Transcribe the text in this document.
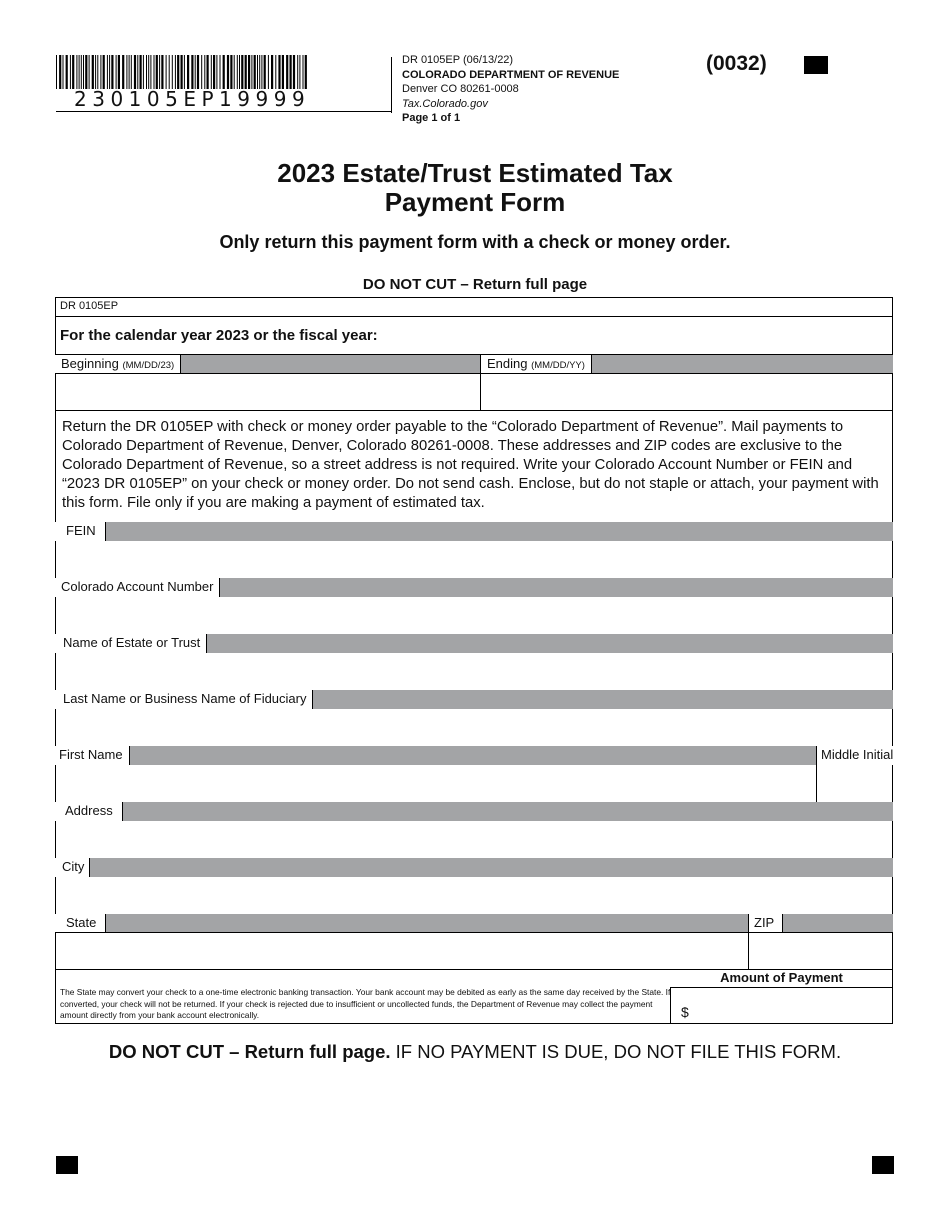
230105EP19999
DR 0105EP (06/13/22)
COLORADO DEPARTMENT OF REVENUE
Denver CO 80261-0008
Tax.Colorado.gov
Page 1 of 1
(0032)
2023 Estate/Trust Estimated Tax
Payment Form
Only return this payment form with a check or money order.
DO NOT CUT – Return full page
DR 0105EP
For the calendar year 2023 or the fiscal year:
Beginning (MM/DD/23)	Ending (MM/DD/YY)
Return the DR 0105EP with check or money order payable to the “Colorado Department of Revenue”. Mail payments to Colorado Department of Revenue, Denver, Colorado 80261-0008. These addresses and ZIP codes are exclusive to the Colorado Department of Revenue, so a street address is not required. Write your Colorado Account Number or FEIN and “2023 DR 0105EP” on your check or money order. Do not send cash. Enclose, but do not staple or attach, your payment with this form. File only if you are making a payment of estimated tax.
FEIN
Colorado Account Number
Name of Estate or Trust
Last Name or Business Name of Fiduciary
First Name	Middle Initial
Address
City
State	ZIP
Amount of Payment
$
The State may convert your check to a one-time electronic banking transaction. Your bank account may be debited as early as the same day received by the State. If converted, your check will not be returned. If your check is rejected due to insufficient or uncollected funds, the Department of Revenue may collect the payment amount directly from your bank account electronically.
DO NOT CUT – Return full page. IF NO PAYMENT IS DUE, DO NOT FILE THIS FORM.
